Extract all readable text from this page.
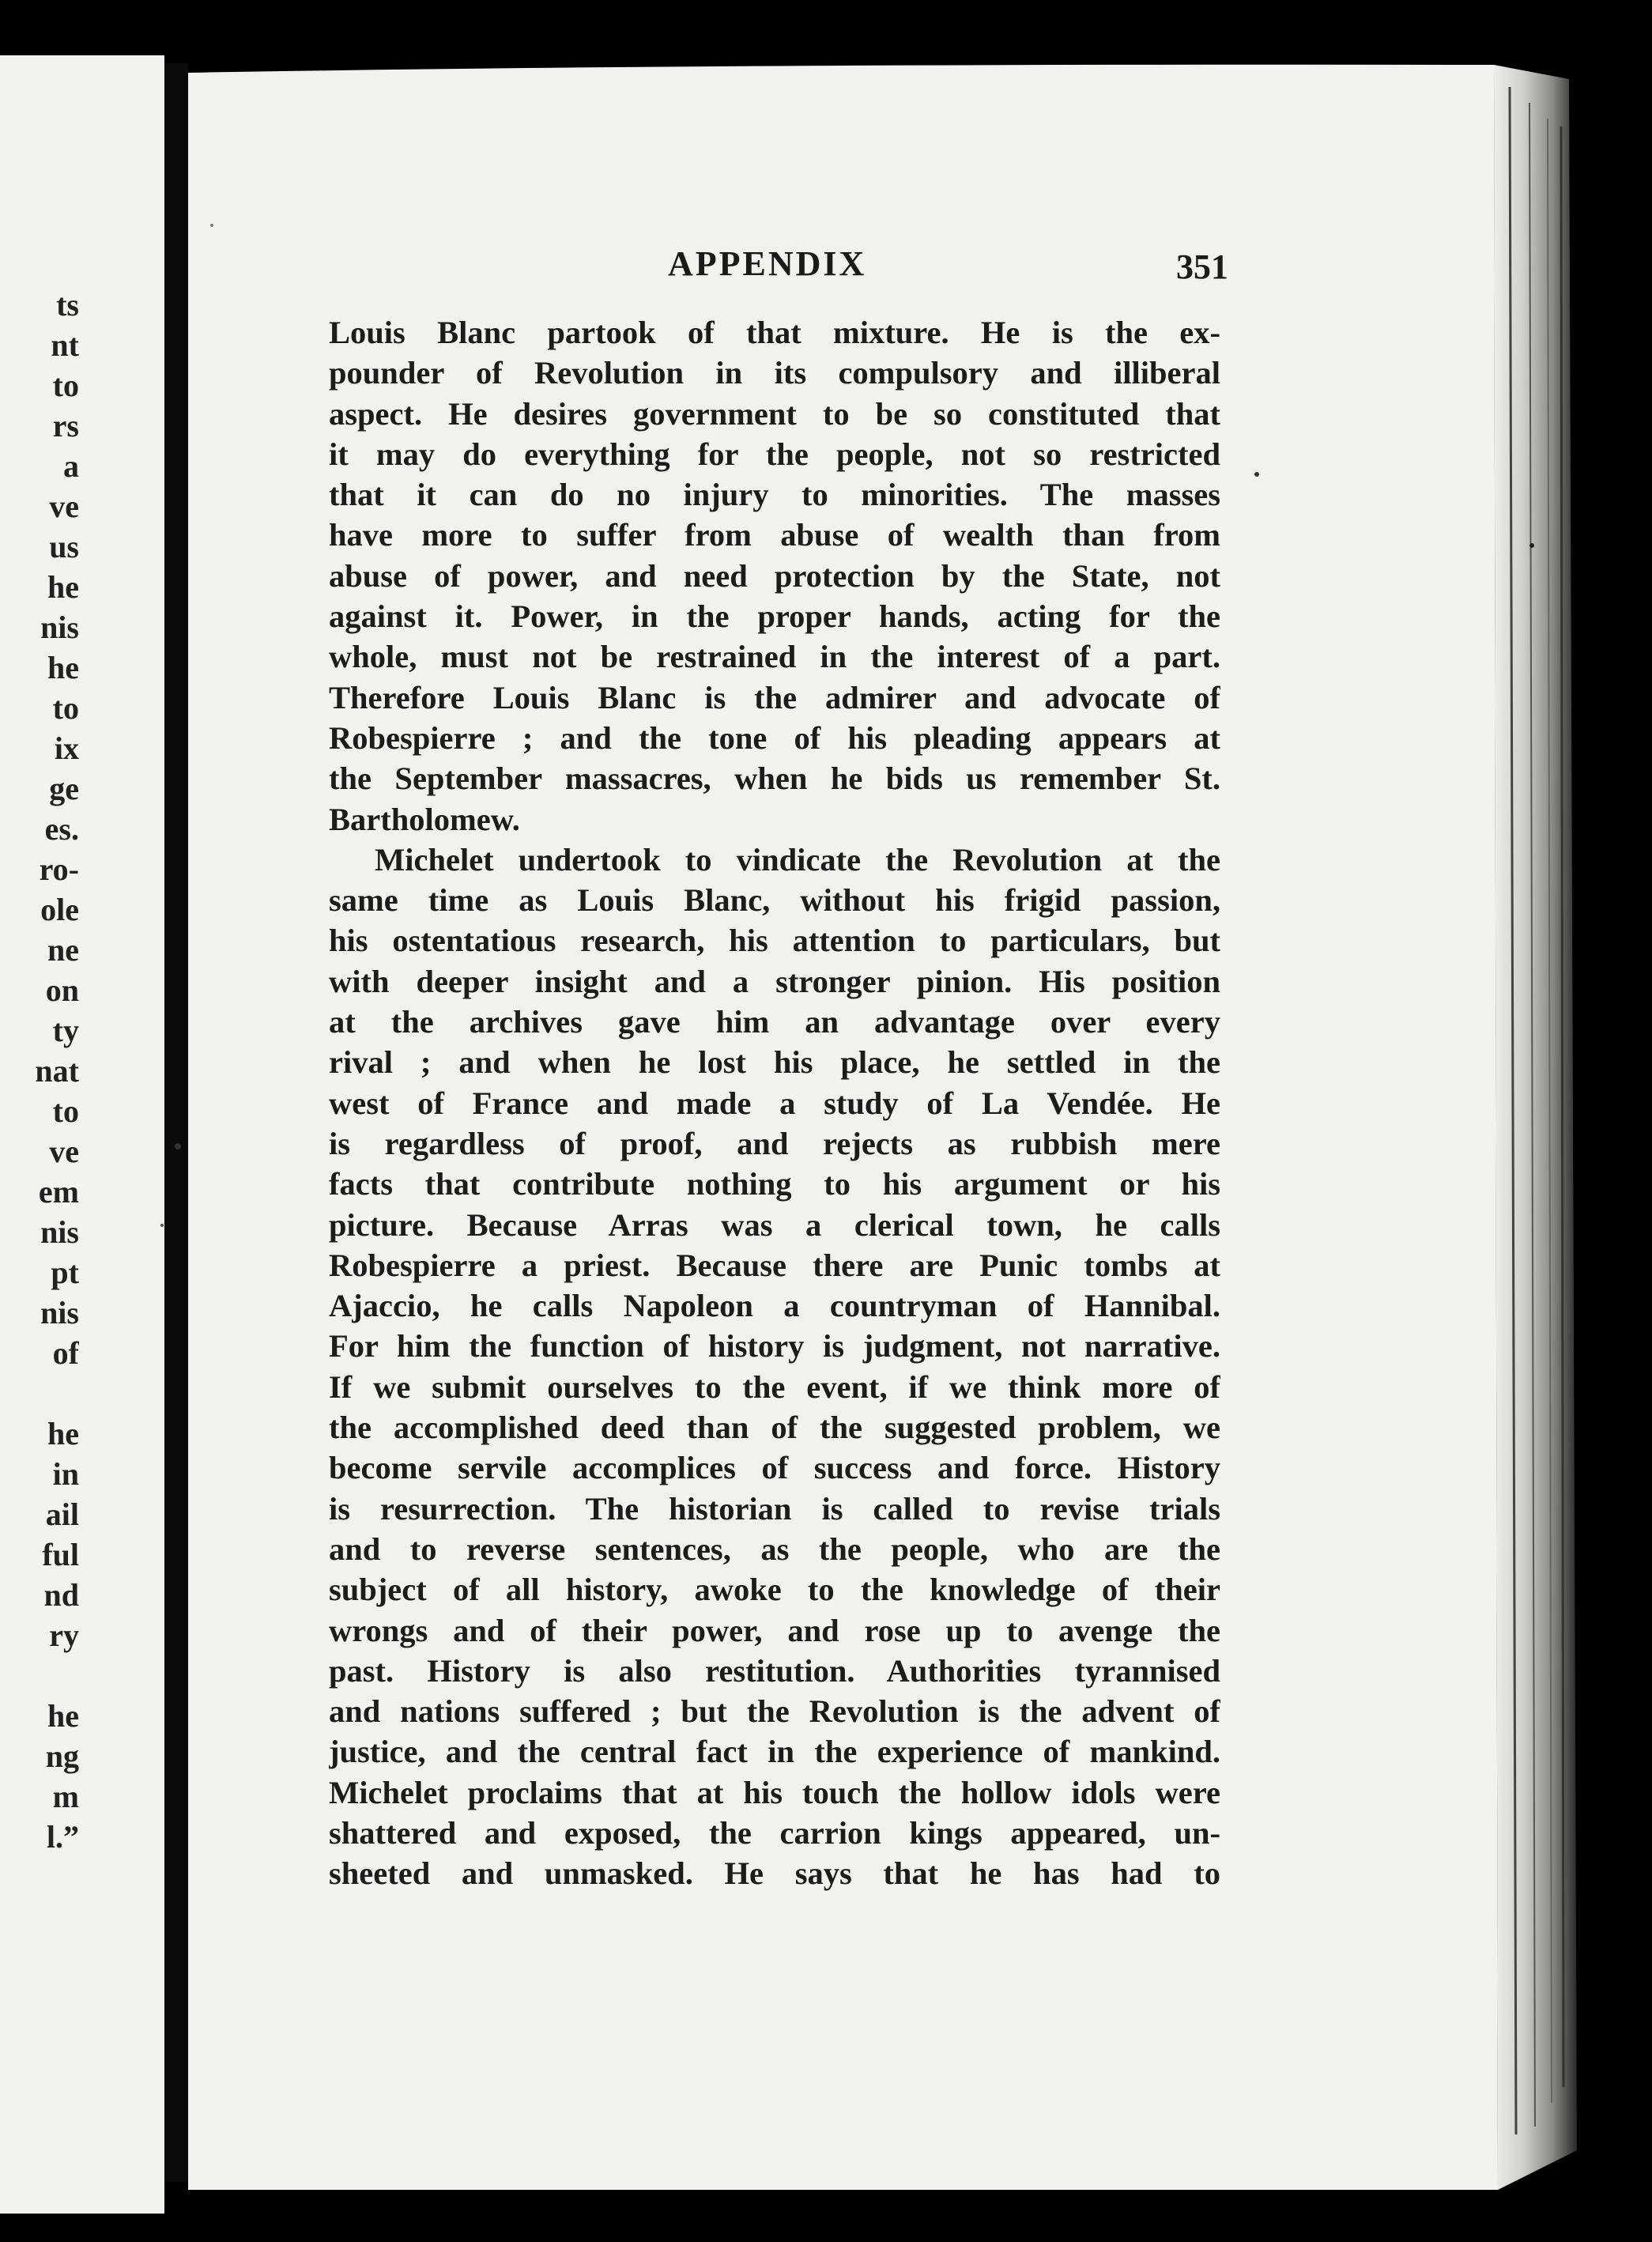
ts
nt
to
rs
a
ve
us
he
nis
he
to
ix
ge
es.
ro-
ole
ne
on
ty
nat
to
ve
em
nis
pt
nis
of
he
in
ail
ful
nd
ry
he
ng
m
l.”
APPENDIX	351
Louis Blanc partook of that mixture. He is the ex-
pounder of Revolution in its compulsory and illiberal
aspect. He desires government to be so constituted that
it may do everything for the people, not so restricted
that it can do no injury to minorities. The masses
have more to suffer from abuse of wealth than from
abuse of power, and need protection by the State, not
against it. Power, in the proper hands, acting for the
whole, must not be restrained in the interest of a part.
Therefore Louis Blanc is the admirer and advocate of
Robespierre ; and the tone of his pleading appears at
the September massacres, when he bids us remember St.
Bartholomew.
Michelet undertook to vindicate the Revolution at the
same time as Louis Blanc, without his frigid passion,
his ostentatious research, his attention to particulars, but
with deeper insight and a stronger pinion. His position
at the archives gave him an advantage over every
rival ; and when he lost his place, he settled in the
west of France and made a study of La Vendée. He
is regardless of proof, and rejects as rubbish mere
facts that contribute nothing to his argument or his
picture. Because Arras was a clerical town, he calls
Robespierre a priest. Because there are Punic tombs at
Ajaccio, he calls Napoleon a countryman of Hannibal.
For him the function of history is judgment, not narrative.
If we submit ourselves to the event, if we think more of
the accomplished deed than of the suggested problem, we
become servile accomplices of success and force. History
is resurrection. The historian is called to revise trials
and to reverse sentences, as the people, who are the
subject of all history, awoke to the knowledge of their
wrongs and of their power, and rose up to avenge the
past. History is also restitution. Authorities tyrannised
and nations suffered ; but the Revolution is the advent of
justice, and the central fact in the experience of mankind.
Michelet proclaims that at his touch the hollow idols were
shattered and exposed, the carrion kings appeared, un-
sheeted and unmasked. He says that he has had to
